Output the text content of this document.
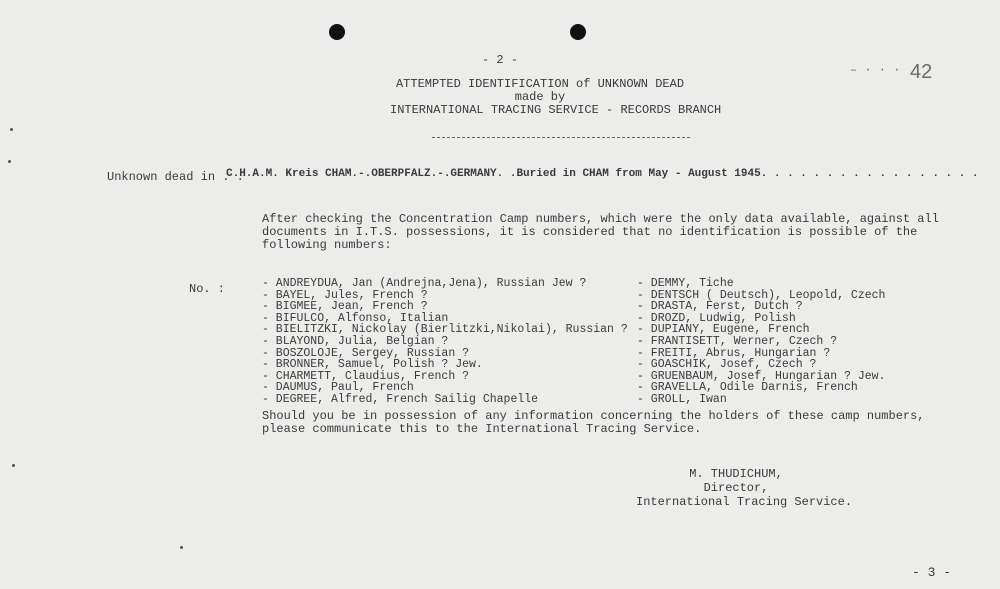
- 2 -
42
– · · ·
ATTEMPTED IDENTIFICATION of UNKNOWN DEAD
made by
INTERNATIONAL TRACING SERVICE - RECORDS BRANCH
Unknown dead in . .
C.H.A.M. Kreis CHAM.-.OBERPFALZ.-.GERMANY. .Buried in CHAM from May - August 1945. . . . . . . . . . . . . . . . .
After checking the Concentration Camp numbers, which were the only data available, against all
documents in I.T.S. possessions, it is considered that no identification is possible of the
following numbers:
No. :	- ANDREYDUA, Jan (Andrejna,Jena), Russian Jew ?
- BAYEL, Jules, French ?
- BIGMEE, Jean, French ?
- BIFULCO, Alfonso, Italian
- BIELITZKI, Nickolay (Bierlitzki,Nikolai), Russian ?
- BLAYOND, Julia, Belgian ?
- BOSZOLOJE, Sergey, Russian ?
- BRONNER, Samuel, Polish ? Jew.
- CHARMETT, Claudius, French ?
- DAUMUS, Paul, French
- DEGREE, Alfred, French Sailig Chapelle
- DEMMY, Tiche
- DENTSCH ( Deutsch), Leopold, Czech
- DRASTA, Ferst, Dutch ?
- DROZD, Ludwig, Polish
- DUPIANY, Eugene, French
- FRANTISETT, Werner, Czech ?
- FREITI, Abrus, Hungarian ?
- GOASCHIK, Josef, Czech ?
- GRUENBAUM, Josef, Hungarian ? Jew.
- GRAVELLA, Odile Darnis, French
- GROLL, Iwan
Should you be in possession of any information concerning the holders of these camp numbers,
please communicate this to the International Tracing Service.
M. THUDICHUM,
Director,
International Tracing Service.
- 3 -
